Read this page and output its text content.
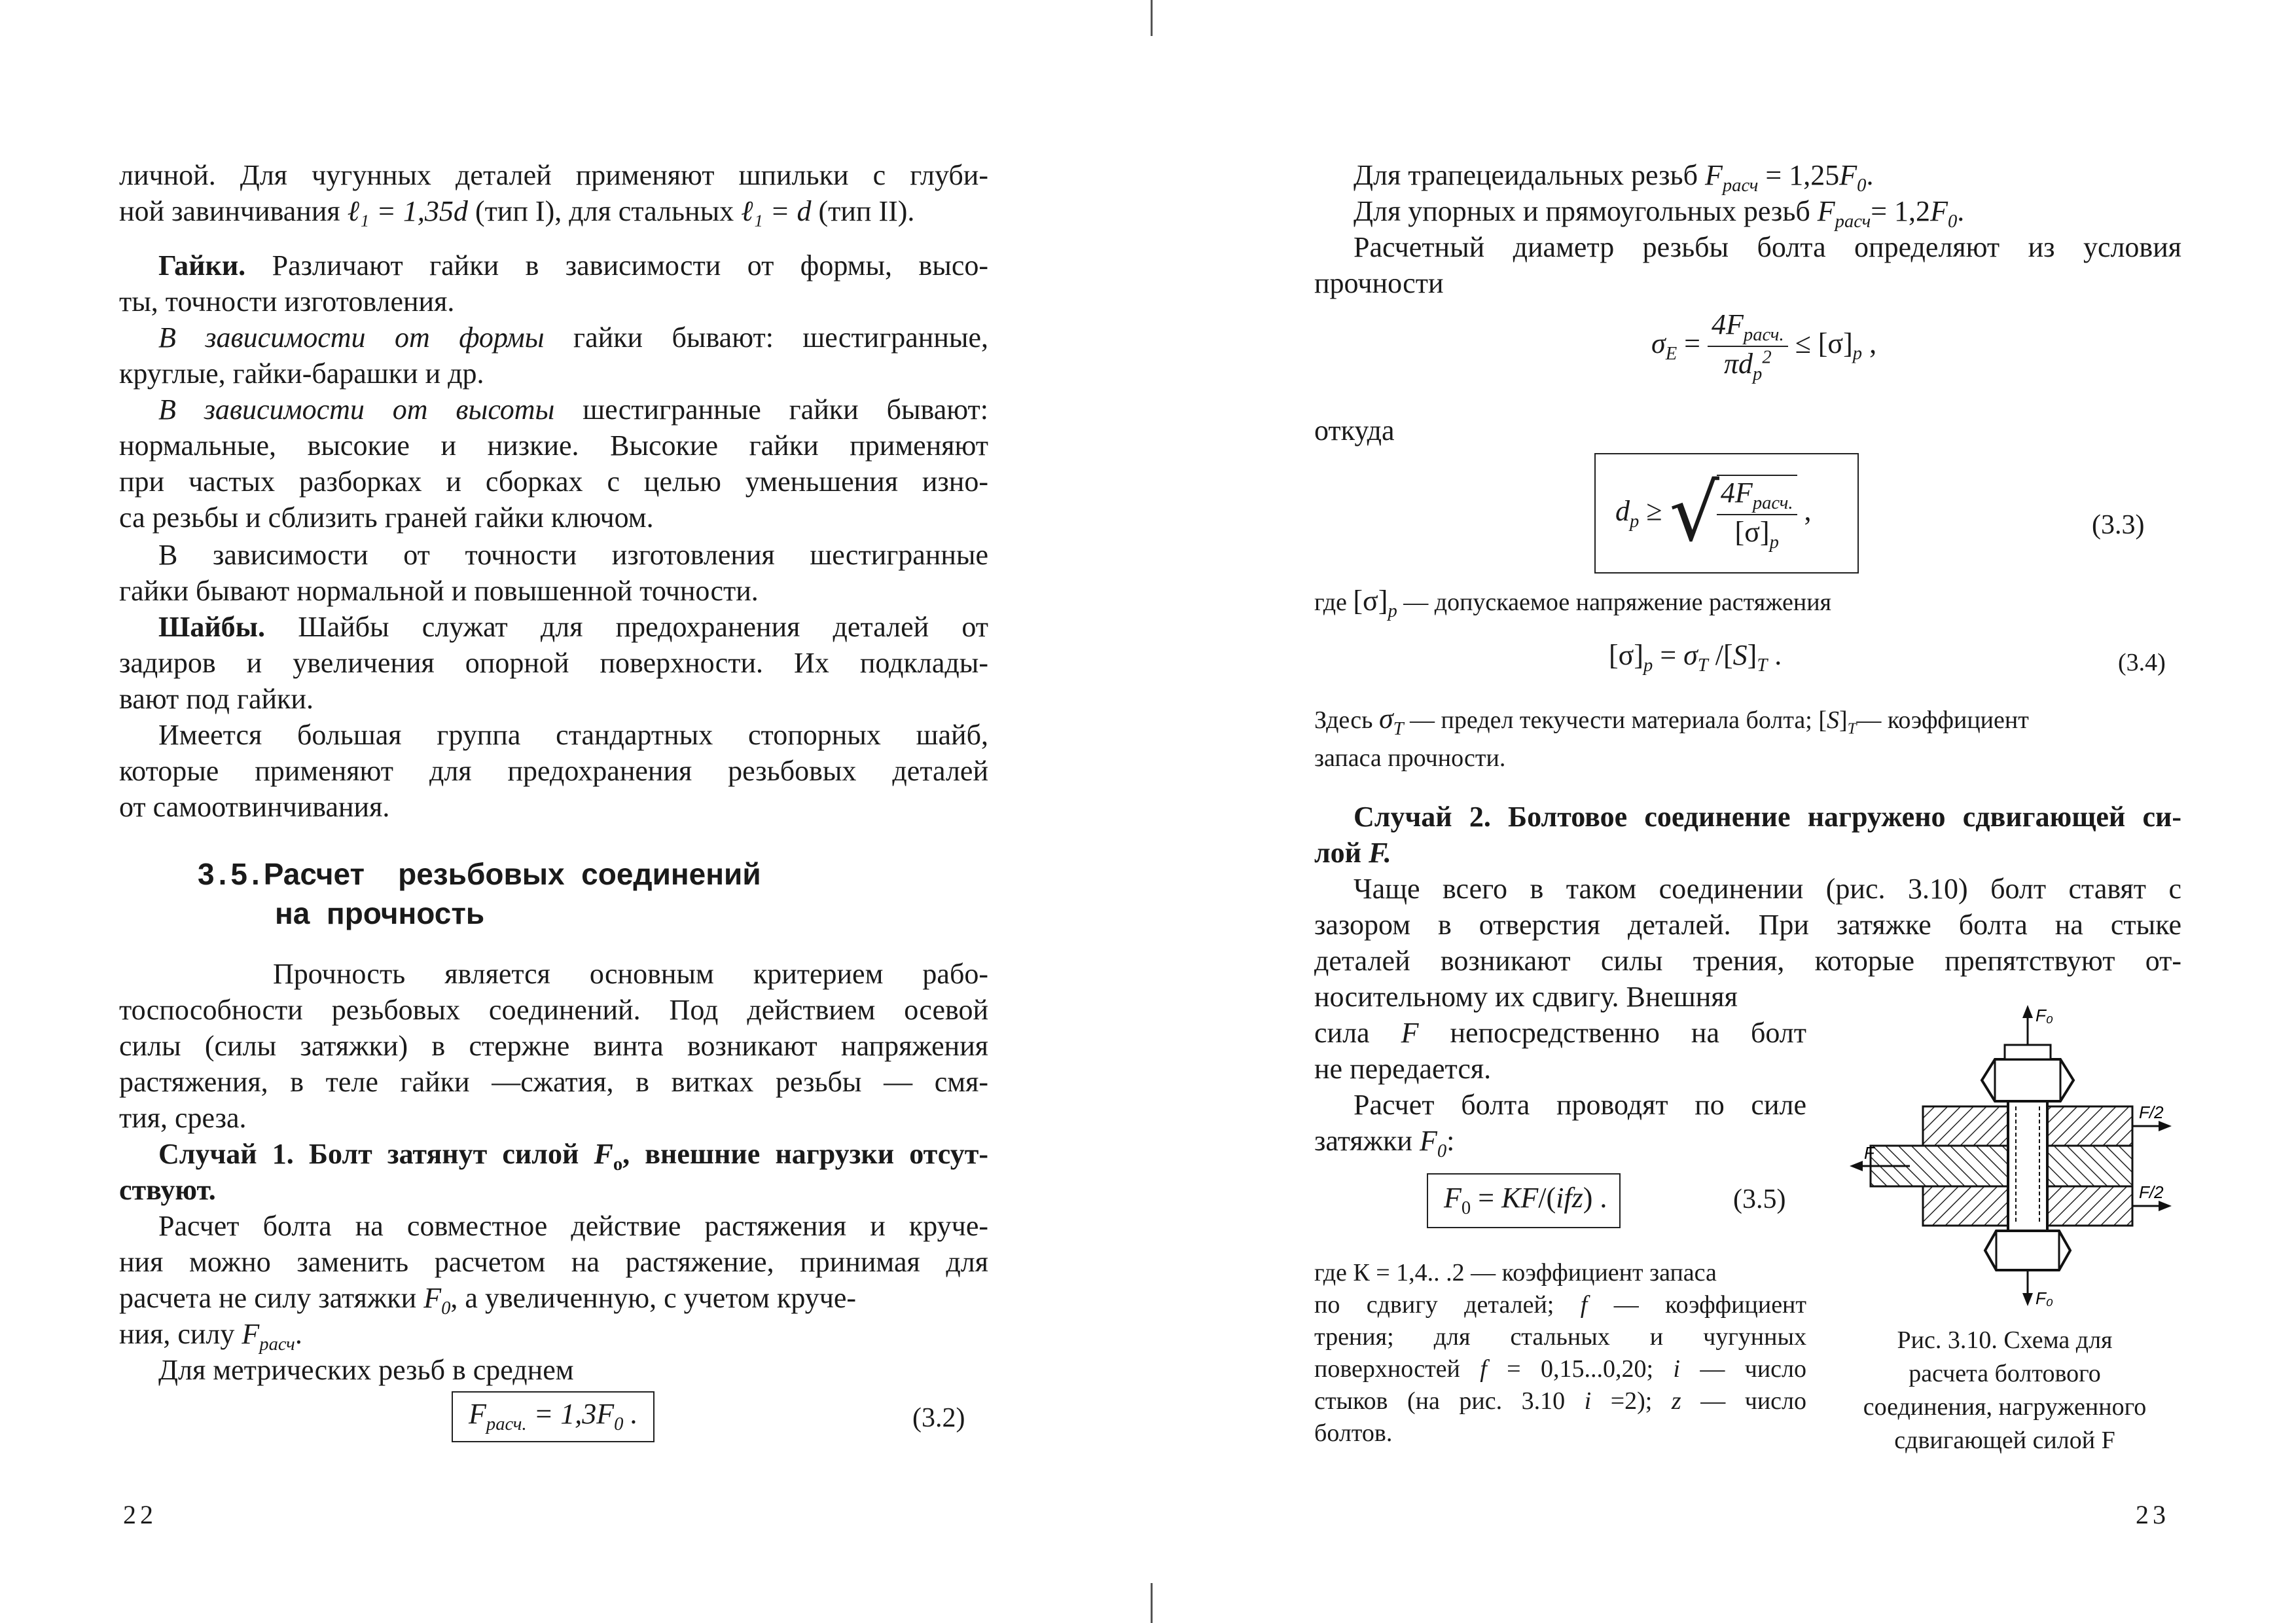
личной. Для чугунных деталей применяют шпильки с глуби-
ной завинчивания ℓ₁ = 1,35d (тип I), для стальных ℓ₁ = d (тип II).
Гайки. Различают гайки в зависимости от формы, высо-
ты, точности изготовления.
В зависимости от формы гайки бывают: шестигранные,
круглые, гайки-барашки и др.
В зависимости от высоты шестигранные гайки бывают:
нормальные, высокие и низкие. Высокие гайки применяют
при частых разборках и сборках с целью уменьшения изно-
са резьбы и сблизить граней гайки ключом.
В зависимости от точности изготовления шестигранные
гайки бывают нормальной и повышенной точности.
Шайбы. Шайбы служат для предохранения деталей от
задиров и увеличения опорной поверхности. Их подклады-
вают под гайки.
Имеется большая группа стандартных стопорных шайб,
которые применяют для предохранения резьбовых деталей
от самоотвинчивания.
3.5.Расчет    резьбовых  соединений
на  прочность
Прочность является основным критерием рабо-
тоспособности резьбовых соединений. Под действием осевой
силы (силы затяжки) в стержне винта возникают напряжения
растяжения, в теле гайки —сжатия, в витках резьбы — смя-
тия, среза.
Случай 1. Болт затянут силой $F_o$, внешние нагрузки отсут-
ствуют.
Расчет болта на совместное действие растяжения и круче-
ния можно заменить расчетом на растяжение, принимая для
расчета не силу затяжки $F_0$, а увеличенную, с учетом круче-
ния, силу $F_{расч}$.
Для метрических резьб в среднем
$F_{расч.} = 1,3F_0$ .	(3.2)
22
Для трапецеидальных резьб $F_{расч} = 1,25F_0$.
Для упорных и прямоугольных резьб $F_{расч}= 1,2F_0$.
Расчетный диаметр резьбы болта определяют из условия
прочности
$\sigma_E = \frac{4F_{расч.}}{\pi d_p^2} \le [\sigma]_p$ ,
откуда
$d_p$ ≥ √
$\frac{4F_{расч.}}{[\sigma]_p}$ ,	(3.3)
где $[\sigma]_p$ — допускаемое напряжение растяжения
$[\sigma]_p = \sigma_T$ $/[S]_T$ .	(3.4)
Здесь $\sigma_T$ — предел текучести материала болта; $[S]_T—$ коэффициент
запаса прочности.
Случай 2. Болтовое соединение нагружено сдвигающей си-
лой F.
Чаще всего в таком соединении (рис. 3.10) болт ставят с
зазором в отверстия деталей. При затяжке болта на стыке
деталей возникают силы трения, которые препятствуют от-
носительному их сдвигу. Внешняя
сила F непосредственно на болт
не передается.
Расчет болта проводят по силе
затяжки $F_0$:
$F_0 = KF/(ifz)$ .	(3.5)
где К = 1,4.. .2 — коэффициент запаса
по сдвигу деталей; f — коэффициент
трения; для стальных и чугунных
поверхностей f = 0,15...0,20; i — число
стыков (на рис. 3.10 i =2); z — число
болтов.
F₀
F₀
F
F/2
F/2
Рис. 3.10. Схема для
расчета болтового
соединения, нагруженного
сдвигающей силой F
23
